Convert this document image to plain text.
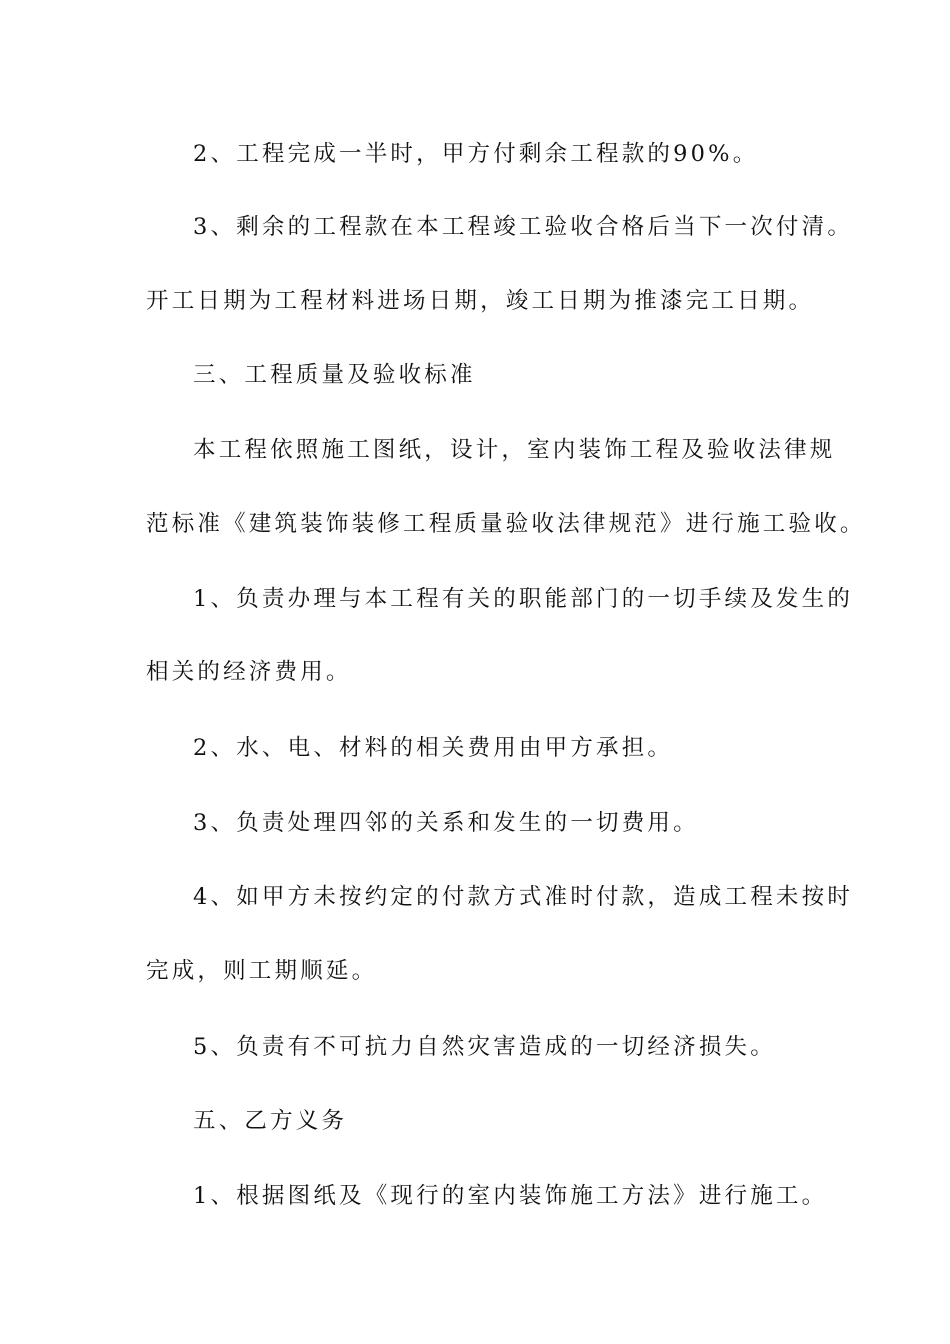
2、工程完成一半时，甲方付剩余工程款的90%。
3、剩余的工程款在本工程竣工验收合格后当下一次付清。
开工日期为工程材料进场日期，竣工日期为推漆完工日期。
三、工程质量及验收标准
本工程依照施工图纸，设计，室内装饰工程及验收法律规
范标准《建筑装饰装修工程质量验收法律规范》进行施工验收。
1、负责办理与本工程有关的职能部门的一切手续及发生的
相关的经济费用。
2、水、电、材料的相关费用由甲方承担。
3、负责处理四邻的关系和发生的一切费用。
4、如甲方未按约定的付款方式准时付款，造成工程未按时
完成，则工期顺延。
5、负责有不可抗力自然灾害造成的一切经济损失。
五、乙方义务
1、根据图纸及《现行的室内装饰施工方法》进行施工。
